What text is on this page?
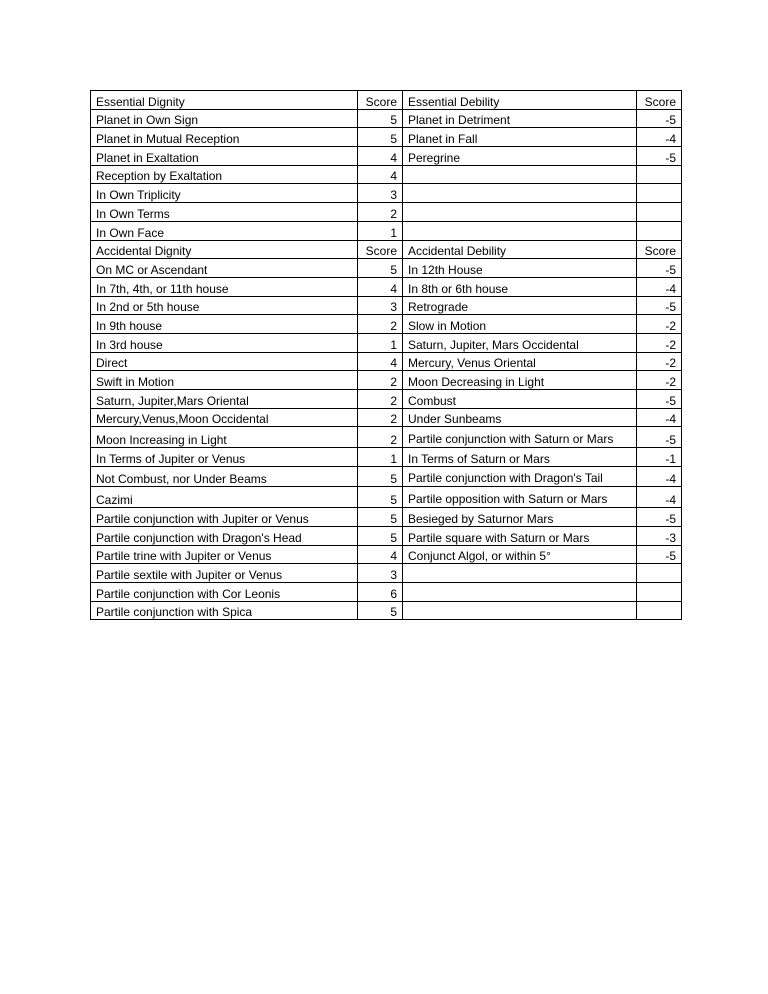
Essential Dignity	Score	Essential Debility	Score
Planet in Own Sign	5	Planet in Detriment	-5
Planet in Mutual Reception	5	Planet in Fall	-4
Planet in Exaltation	4	Peregrine	-5
Reception by Exaltation	4		
In Own Triplicity	3		
In Own Terms	2		
In Own Face	1		
Accidental Dignity	Score	Accidental Debility	Score
On MC or Ascendant	5	In 12th House	-5
In 7th, 4th, or 11th house	4	In 8th or 6th house	-4
In 2nd or 5th house	3	Retrograde	-5
In 9th house	2	Slow in Motion	-2
In 3rd house	1	Saturn, Jupiter, Mars Occidental	-2
Direct	4	Mercury, Venus Oriental	-2
Swift in Motion	2	Moon Decreasing in Light	-2
Saturn, Jupiter,Mars Oriental	2	Combust	-5
Mercury,Venus,Moon Occidental	2	Under Sunbeams	-4
Moon Increasing in Light	2	Partile conjunction with Saturn or Mars	-5
In Terms of Jupiter or Venus	1	In Terms of Saturn or Mars	-1
Not Combust, nor Under Beams	5	Partile conjunction with Dragon's Tail	-4
Cazimi	5	Partile opposition with Saturn or Mars	-4
Partile conjunction with Jupiter or Venus	5	Besieged by Saturnor Mars	-5
Partile conjunction with Dragon's Head	5	Partile square with Saturn or Mars	-3
Partile trine with Jupiter or Venus	4	Conjunct Algol, or within 5°	-5
Partile sextile with Jupiter or Venus	3		
Partile conjunction with Cor Leonis	6		
Partile conjunction with Spica	5		
